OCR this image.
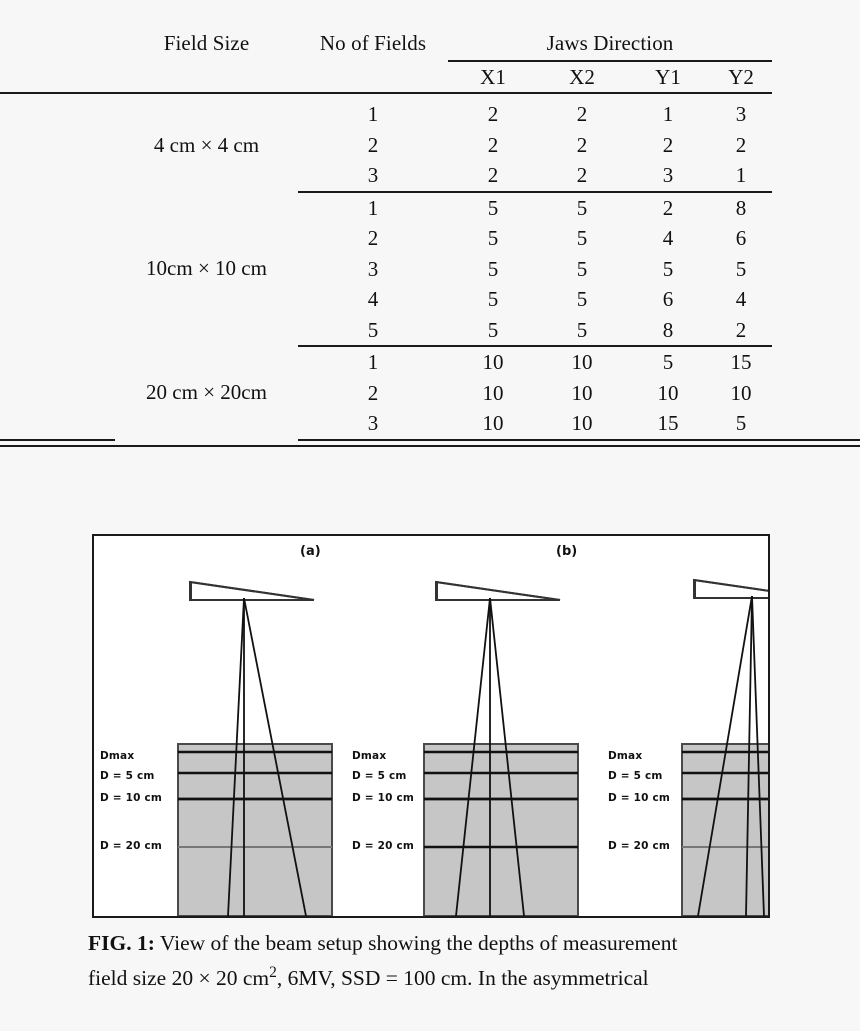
	Field Size	No of Fields	Jaws Direction				
			X1	X2	Y1	Y2	

	4 cm × 4 cm	1	2	2	1	3	
		2	2	2	2	2	
		3	2	2	3	1	
	10cm × 10 cm	1	5	5	2	8	
		2	5	5	4	6	
		3	5	5	5	5	
		4	5	5	6	4	
		5	5	5	8	2	
	20 cm × 20cm	1	10	10	5	15	
		2	10	10	10	10	
		3	10	10	15	5	

(a)
Dmax
D = 5 cm
D = 10 cm
D = 20 cm
(b)
Dmax
D = 5 cm
D = 10 cm
D = 20 cm
Dmax
D = 5 cm
D = 10 cm
D = 20 cm
FIG. 1: View of the beam setup showing the depths of measurement
field size 20 × 20 $cm^2$, 6MV, SSD = 100 cm. In the asymmetrical
